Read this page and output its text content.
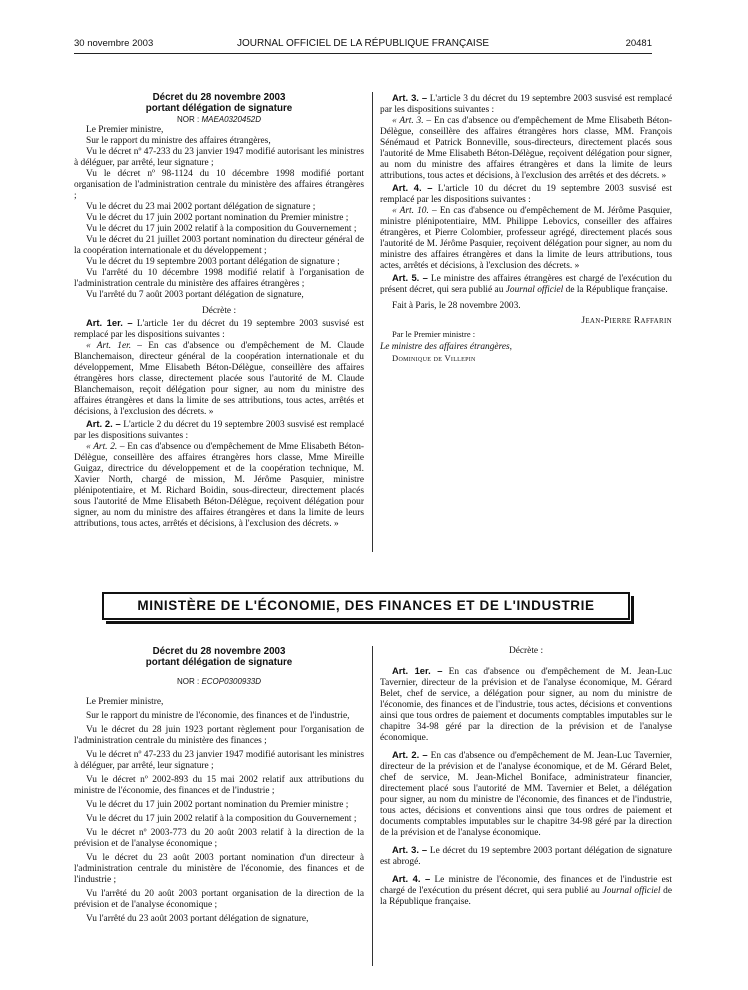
30 novembre 2003	JOURNAL OFFICIEL DE LA RÉPUBLIQUE FRANÇAISE	20481

Décret du 28 novembre 2003

portant délégation de signature

NOR : MAEA0320452D

Le Premier ministre,

Sur le rapport du ministre des affaires étrangères,

Vu le décret nº 47-233 du 23 janvier 1947 modifié autorisant les ministres à déléguer, par arrêté, leur signature ;

Vu le décret nº 98-1124 du 10 décembre 1998 modifié portant organisation de l'administration centrale du ministère des affaires étrangères ;

Vu le décret du 23 mai 2002 portant délégation de signature ;

Vu le décret du 17 juin 2002 portant nomination du Premier ministre ;

Vu le décret du 17 juin 2002 relatif à la composition du Gouvernement ;

Vu le décret du 21 juillet 2003 portant nomination du directeur général de la coopération internationale et du développement ;

Vu le décret du 19 septembre 2003 portant délégation de signature ;

Vu l'arrêté du 10 décembre 1998 modifié relatif à l'organisation de l'administration centrale du ministère des affaires étrangères ;

Vu l'arrêté du 7 août 2003 portant délégation de signature,

Décrète :

Art. 1er. – L'article 1er du décret du 19 septembre 2003 susvisé est remplacé par les dispositions suivantes :

« Art. 1er. – En cas d'absence ou d'empêchement de M. Claude Blanchemaison, directeur général de la coopération internationale et du développement, Mme Elisabeth Béton-Délègue, conseillère des affaires étrangères hors classe, directement placée sous l'autorité de M. Claude Blanchemaison, reçoit délégation pour signer, au nom du ministre des affaires étrangères et dans la limite de ses attributions, tous actes, arrêtés et décisions, à l'exclusion des décrets. »

Art. 2. – L'article 2 du décret du 19 septembre 2003 susvisé est remplacé par les dispositions suivantes :

« Art. 2. – En cas d'absence ou d'empêchement de Mme Elisabeth Béton-Délègue, conseillère des affaires étrangères hors classe, Mme Mireille Guigaz, directrice du développement et de la coopération technique, M. Xavier North, chargé de mission, M. Jérôme Pasquier, ministre plénipotentiaire, et M. Richard Boidin, sous-directeur, directement placés sous l'autorité de Mme Elisabeth Béton-Délègue, reçoivent délégation pour signer, au nom du ministre des affaires étrangères et dans la limite de leurs attributions, tous actes, arrêtés et décisions, à l'exclusion des décrets. »

Art. 3. – L'article 3 du décret du 19 septembre 2003 susvisé est remplacé par les dispositions suivantes :

« Art. 3. – En cas d'absence ou d'empêchement de Mme Elisabeth Béton-Délègue, conseillère des affaires étrangères hors classe, MM. François Sénémaud et Patrick Bonneville, sous-directeurs, directement placés sous l'autorité de Mme Elisabeth Béton-Délègue, reçoivent délégation pour signer, au nom du ministre des affaires étrangères et dans la limite de leurs attributions, tous actes et décisions, à l'exclusion des arrêtés et des décrets. »

Art. 4. – L'article 10 du décret du 19 septembre 2003 susvisé est remplacé par les dispositions suivantes :

« Art. 10. – En cas d'absence ou d'empêchement de M. Jérôme Pasquier, ministre plénipotentiaire, MM. Philippe Lebovics, conseiller des affaires étrangères, et Pierre Colombier, professeur agrégé, directement placés sous l'autorité de M. Jérôme Pasquier, reçoivent délégation pour signer, au nom du ministre des affaires étrangères et dans la limite de leurs attributions, tous actes, arrêtés et décisions, à l'exclusion des décrets. »

Art. 5. – Le ministre des affaires étrangères est chargé de l'exécution du présent décret, qui sera publié au Journal officiel de la République française.

Fait à Paris, le 28 novembre 2003.

Jean-Pierre Raffarin

Par le Premier ministre :

Le ministre des affaires étrangères,

Dominique de Villepin

MINISTÈRE DE L'ÉCONOMIE, DES FINANCES ET DE L'INDUSTRIE

Décret du 28 novembre 2003

portant délégation de signature

NOR : ECOP0300933D

Le Premier ministre,

Sur le rapport du ministre de l'économie, des finances et de l'industrie,

Vu le décret du 28 juin 1923 portant règlement pour l'organisation de l'administration centrale du ministère des finances ;

Vu le décret nº 47-233 du 23 janvier 1947 modifié autorisant les ministres à déléguer, par arrêté, leur signature ;

Vu le décret nº 2002-893 du 15 mai 2002 relatif aux attributions du ministre de l'économie, des finances et de l'industrie ;

Vu le décret du 17 juin 2002 portant nomination du Premier ministre ;

Vu le décret du 17 juin 2002 relatif à la composition du Gouvernement ;

Vu le décret nº 2003-773 du 20 août 2003 relatif à la direction de la prévision et de l'analyse économique ;

Vu le décret du 23 août 2003 portant nomination d'un directeur à l'administration centrale du ministère de l'économie, des finances et de l'industrie ;

Vu l'arrêté du 20 août 2003 portant organisation de la direction de la prévision et de l'analyse économique ;

Vu l'arrêté du 23 août 2003 portant délégation de signature,

Décrète :

Art. 1er. – En cas d'absence ou d'empêchement de M. Jean-Luc Tavernier, directeur de la prévision et de l'analyse économique, M. Gérard Belet, chef de service, a délégation pour signer, au nom du ministre de l'économie, des finances et de l'industrie, tous actes, décisions et conventions ainsi que tous ordres de paiement et documents comptables imputables sur le chapitre 34-98 géré par la direction de la prévision et de l'analyse économique.

Art. 2. – En cas d'absence ou d'empêchement de M. Jean-Luc Tavernier, directeur de la prévision et de l'analyse économique, et de M. Gérard Belet, chef de service, M. Jean-Michel Boniface, administrateur financier, directement placé sous l'autorité de MM. Tavernier et Belet, a délégation pour signer, au nom du ministre de l'économie, des finances et de l'industrie, tous actes, décisions et conventions ainsi que tous ordres de paiement et documents comptables imputables sur le chapitre 34-98 géré par la direction de la prévision et de l'analyse économique.

Art. 3. – Le décret du 19 septembre 2003 portant délégation de signature est abrogé.

Art. 4. – Le ministre de l'économie, des finances et de l'industrie est chargé de l'exécution du présent décret, qui sera publié au Journal officiel de la République française.
